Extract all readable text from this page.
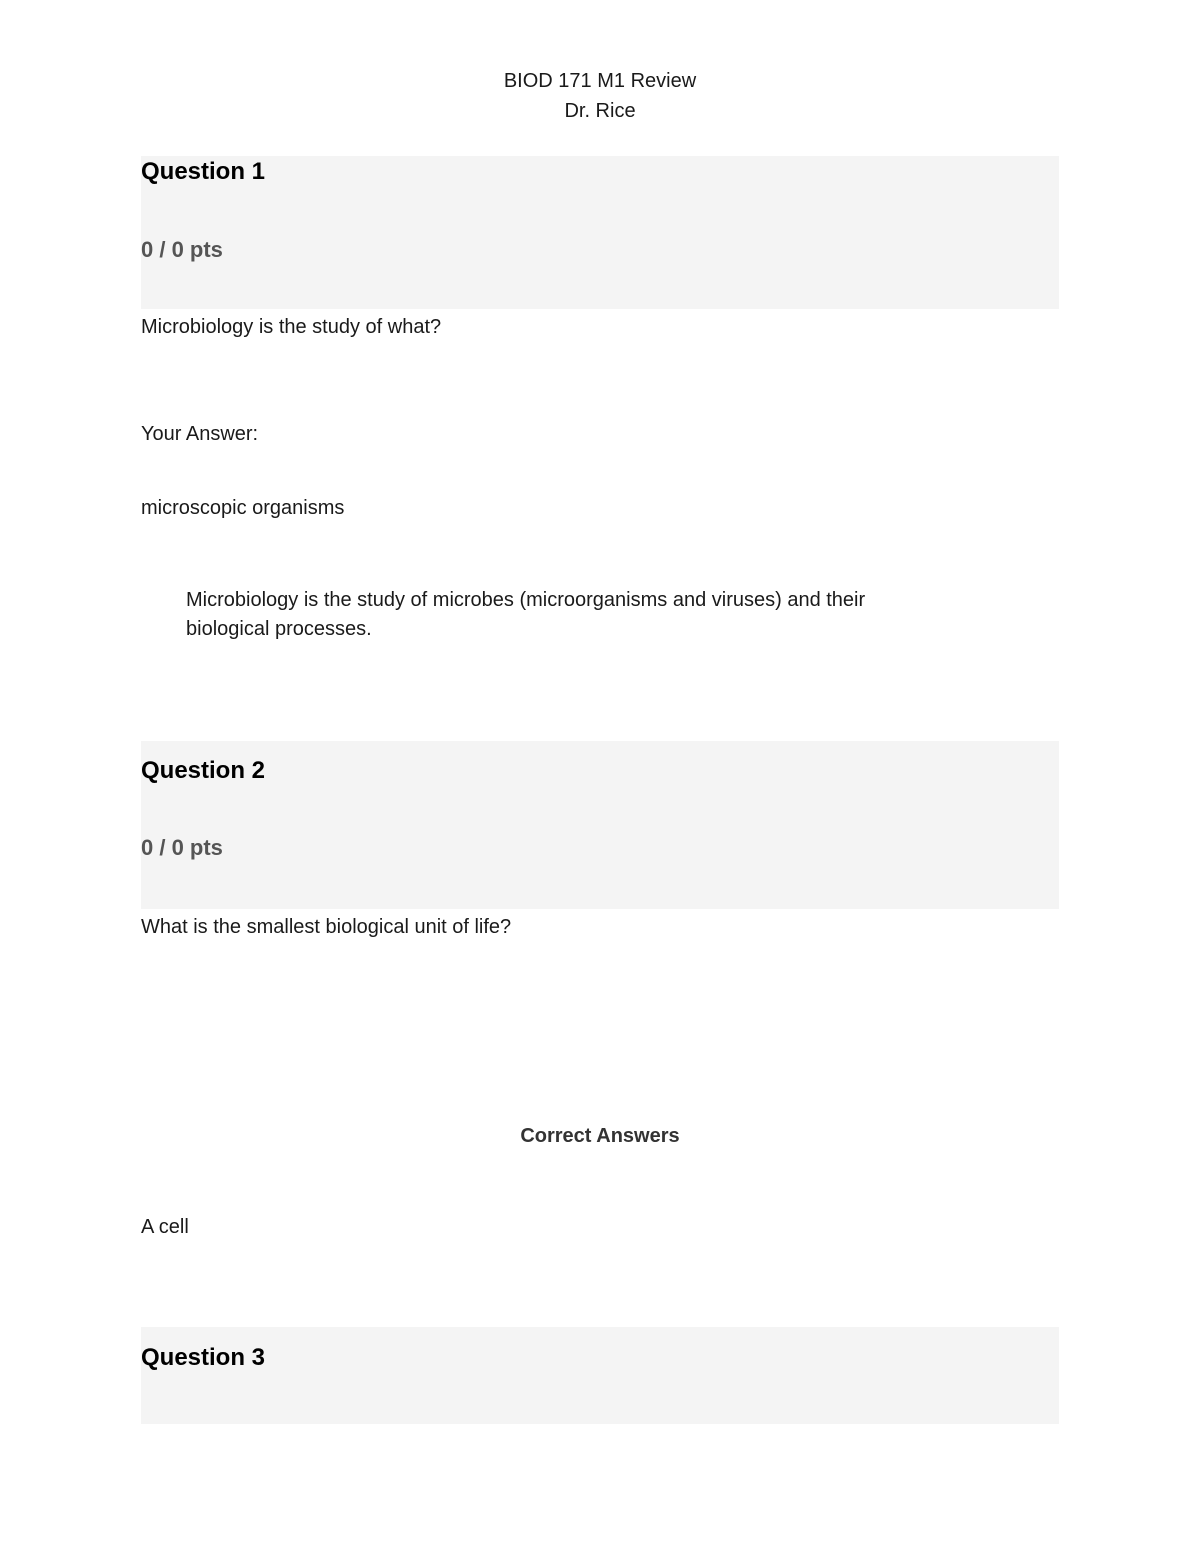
BIOD 171 M1 Review
Dr. Rice
Question 1
0 / 0 pts
Microbiology is the study of what?
Your Answer:
microscopic organisms
Microbiology is the study of microbes (microorganisms and viruses) and their biological processes.
Question 2
0 / 0 pts
What is the smallest biological unit of life?
Correct Answers
A cell
Question 3
